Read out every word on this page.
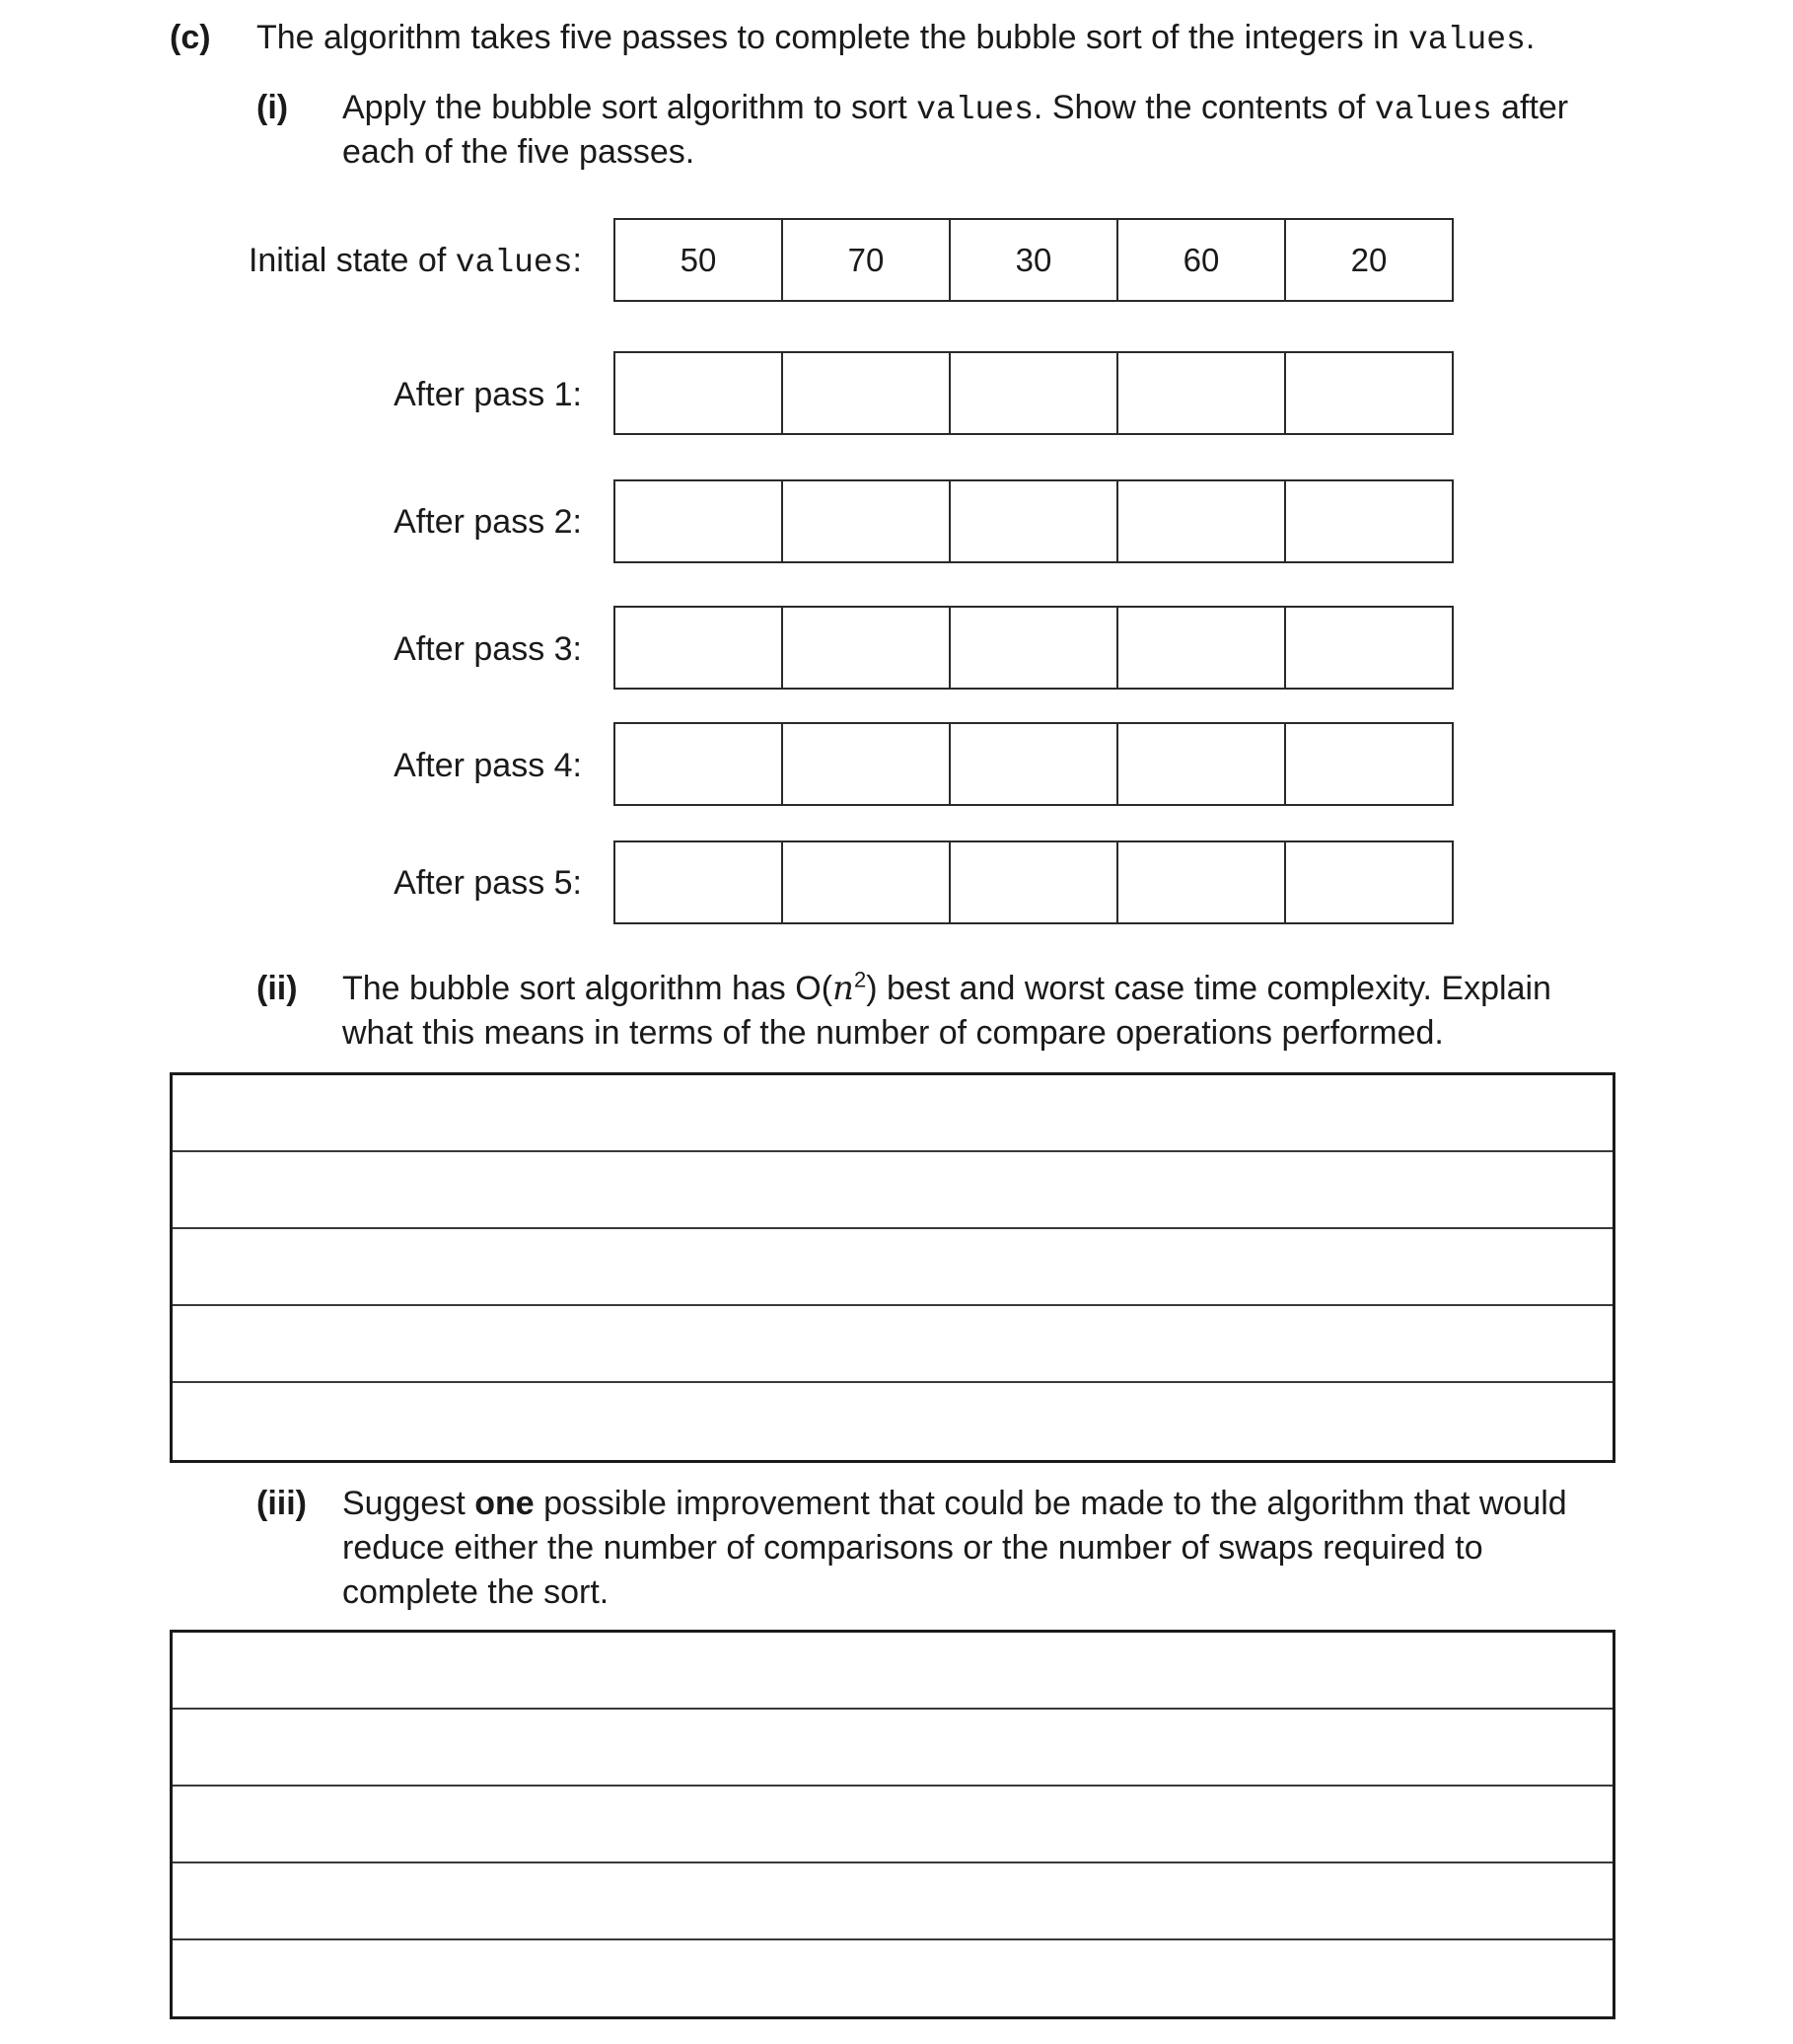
(c) The algorithm takes five passes to complete the bubble sort of the integers in values.
(i) Apply the bubble sort algorithm to sort values. Show the contents of values after
each of the five passes.
Initial state of values:	50	70	30	60	20
After pass 1:
After pass 2:
After pass 3:
After pass 4:
After pass 5:
(ii) The bubble sort algorithm has $O(n^2)$ best and worst case time complexity. Explain
what this means in terms of the number of compare operations performed.
(iii) Suggest one possible improvement that could be made to the algorithm that would
reduce either the number of comparisons or the number of swaps required to
complete the sort.
